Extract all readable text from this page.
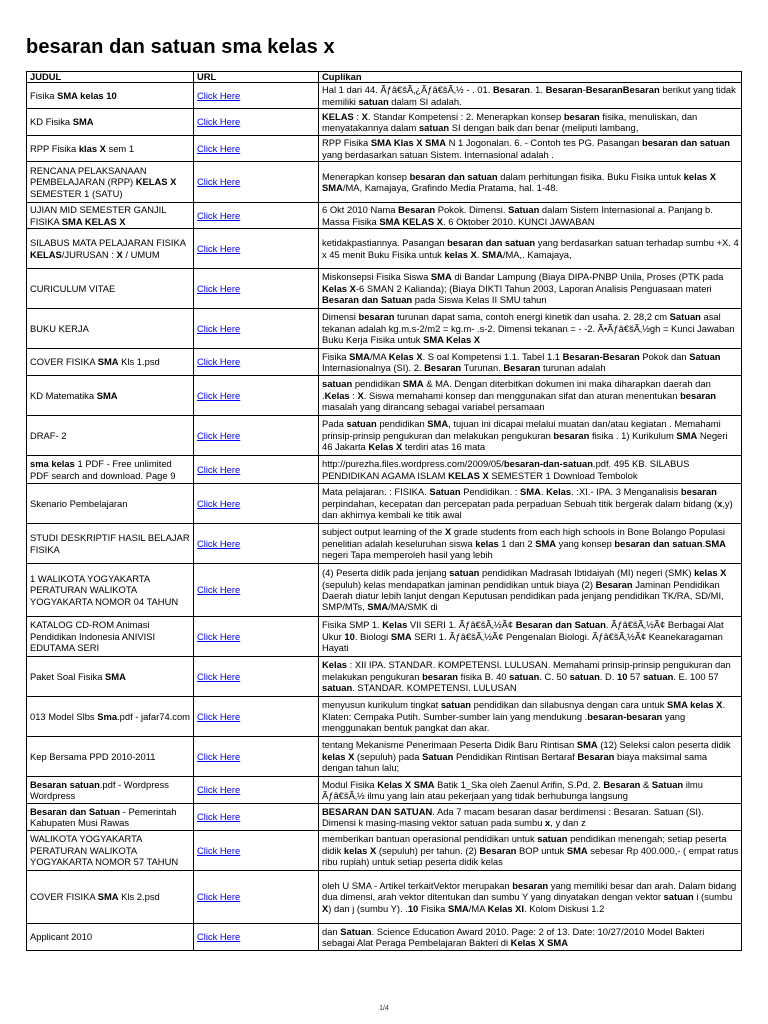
besaran dan satuan sma kelas x
JUDUL	URL	Cuplikan
Fisika SMA kelas 10	Click Here	Hal 1 dari 44. Ãƒâ€šÃ‚¿Ãƒâ€šÃ‚½ - . 01. Besaran. 1. Besaran-BesaranBesaran berikut yang tidak memiliki satuan dalam SI adalah.
KD Fisika SMA	Click Here	KELAS : X. Standar Kompetensi : 2. Menerapkan konsep besaran fisika, menuliskan, dan menyatakannya dalam satuan SI dengan baik dan benar (meliputi lambang,
RPP Fisika klas X sem 1	Click Here	RPP Fisika SMA Klas X SMA N 1 Jogonalan. 6. - Contoh tes PG. Pasangan besaran dan satuan yang berdasarkan satuan Sistem. Internasional adalah .
RENCANA PELAKSANAAN PEMBELAJARAN (RPP) KELAS X SEMESTER 1 (SATU)	Click Here	Menerapkan konsep besaran dan satuan dalam perhitungan fisika. Buku Fisika untuk kelas X SMA/MA, Kamajaya, Grafindo Media Pratama, hal. 1-48.
UJIAN MID SEMESTER GANJIL FISIKA SMA KELAS X	Click Here	6 Okt 2010 Nama Besaran Pokok. Dimensi. Satuan dalam Sistem Internasional a. Panjang b. Massa Fisika SMA KELAS X. 6 Oktober 2010. KUNCI JAWABAN
SILABUS MATA PELAJARAN FISIKA KELAS/JURUSAN : X / UMUM	Click Here	ketidakpastiannya. Pasangan besaran dan satuan yang berdasarkan satuan terhadap sumbu +X. 4 x 45 menit Buku Fisika untuk kelas X. SMA/MA,. Kamajaya,
CURICULUM VITAE	Click Here	Miskonsepsi Fisika Siswa SMA di Bandar Lampung (Biaya DIPA-PNBP Unila, Proses (PTK pada Kelas X-6 SMAN 2 Kalianda); (Biaya DIKTI Tahun 2003, Laporan Analisis Penguasaan materi Besaran dan Satuan pada Siswa Kelas II SMU tahun
BUKU KERJA	Click Here	Dimensi besaran turunan dapat sama, contoh energi kinetik dan usaha. 2. 28,2 cm Satuan asal tekanan adalah kg.m.s-2/m2 = kg.m- .s-2. Dimensi tekanan = - -2. Ã•Ãƒâ€šÃ‚½gh = Kunci Jawaban Buku Kerja Fisika untuk SMA Kelas X
COVER FISIKA SMA Kls 1.psd	Click Here	Fisika SMA/MA Kelas X. S oal Kompetensi 1.1. Tabel 1.1 Besaran-Besaran Pokok dan Satuan Internasionalnya (SI). 2. Besaran Turunan. Besaran turunan adalah
KD Matematika SMA	Click Here	satuan pendidikan SMA & MA. Dengan diterbitkan dokumen ini maka diharapkan daerah dan .Kelas : X. Siswa memahami konsep dan menggunakan sifat dan aturan menentukan besaran masalah yang dirancang sebagai variabel persamaan
DRAF- 2	Click Here	Pada satuan pendidikan SMA, tujuan ini dicapai melalui muatan dan/atau kegiatan . Memahami prinsip-prinsip pengukuran dan melakukan pengukuran besaran fisika . 1) Kurikulum SMA Negeri 46 Jakarta Kelas X terdiri atas 16 mata
sma kelas 1 PDF - Free unlimited PDF search and download. Page 9	Click Here	http://purezha.files.wordpress.com/2009/05/besaran-dan-satuan.pdf. 495 KB. SILABUS PENDIDIKAN AGAMA ISLAM KELAS X SEMESTER 1 Download Tembolok
Skenario Pembelajaran	Click Here	Mata pelajaran. : FISIKA. Satuan Pendidikan. : SMA. Kelas. :XI.- IPA. 3 Menganalisis besaran perpindahan, kecepatan dan percepatan pada perpaduan Sebuah titik bergerak dalam bidang (x,y) dan akhirnya kembali ke titik awal
STUDI DESKRIPTIF HASIL BELAJAR FISIKA	Click Here	subject output learning of the X grade students from each high schools in Bone Bolango Populasi penelitian adalah keseluruhan siswa kelas 1 dan 2 SMA yang konsep besaran dan satuan.SMA negeri Tapa memperoleh hasil yang lebih
1 WALIKOTA YOGYAKARTA PERATURAN WALIKOTA YOGYAKARTA NOMOR 04 TAHUN	Click Here	(4) Peserta didik pada jenjang satuan pendidikan Madrasah Ibtidaiyah (MI) negeri (SMK) kelas X (sepuluh) kelas mendapatkan jaminan pendidikan untuk biaya (2) Besaran Jaminan Pendidikan Daerah diatur lebih lanjut dengan Keputusan pendidikan pada jenjang pendidikan TK/RA, SD/MI, SMP/MTs, SMA/MA/SMK di
KATALOG CD-ROM Animasi Pendidikan Indonesia ANIVISI EDUTAMA SERI	Click Here	Fisika SMP 1. Kelas VII SERI 1. Ãƒâ€šÃ‚½Ã¢ Besaran dan Satuan. Ãƒâ€šÃ‚½Ã¢ Berbagai Alat Ukur 10. Biologi SMA SERI 1. Ãƒâ€šÃ‚½Ã¢ Pengenalan Biologi. Ãƒâ€šÃ‚½Ã¢ Keanekaragaman Hayati
Paket Soal Fisika SMA	Click Here	Kelas : XII IPA. STANDAR. KOMPETENSI. LULUSAN. Memahami prinsip-prinsip pengukuran dan melakukan pengukuran besaran fisika B. 40 satuan. C. 50 satuan. D. 10 57 satuan. E. 100 57 satuan. STANDAR. KOMPETENSI. LULUSAN
013 Model Slbs Sma.pdf - jafar74.com	Click Here	menyusun kurikulum tingkat satuan pendidikan dan silabusnya dengan cara untuk SMA kelas X. Klaten: Cempaka Putih. Sumber-sumber lain yang mendukung .besaran-besaran yang menggunakan bentuk pangkat dan akar.
Kep Bersama PPD 2010-2011	Click Here	tentang Mekanisme Penerimaan Peserta Didik Baru Rintisan SMA (12) Seleksi calon peserta didik kelas X (sepuluh) pada Satuan Pendidikan Rintisan Bertaraf Besaran biaya maksimal sama dengan tahun lalu;
Besaran satuan.pdf - Wordpress Wordpress	Click Here	Modul Fisika Kelas X SMA Batik 1_Ska oleh Zaenul Arifin, S.Pd. 2. Besaran & Satuan ilmu Ãƒâ€šÃ‚½ ilmu yang lain atau pekerjaan yang tidak berhubunga langsung
Besaran dan Satuan - Pemerintah Kabupaten Musi Rawas	Click Here	BESARAN DAN SATUAN. Ada 7 macam besaran dasar berdimensi : Besaran. Satuan (SI). Dimensi k masing-masing vektor satuan pada sumbu x, y dan z
WALIKOTA YOGYAKARTA PERATURAN WALIKOTA YOGYAKARTA NOMOR 57 TAHUN	Click Here	memberikan bantuan operasional pendidikan untuk satuan pendidikan menengah; setiap peserta didik kelas X (sepuluh) per tahun. (2) Besaran BOP untuk SMA sebesar Rp 400.000,- ( empat ratus ribu rupiah) untuk setiap peserta didik kelas
COVER FISIKA SMA Kls 2.psd	Click Here	oleh U SMA - Artikel terkaitVektor merupakan besaran yang memiliki besar dan arah. Dalam bidang dua dimensi, arah vektor ditentukan dan sumbu Y yang dinyatakan dengan vektor satuan i (sumbu X) dan j (sumbu Y). .10 Fisika SMA/MA Kelas XI. Kolom Diskusi 1.2
Applicant 2010	Click Here	dan Satuan. Science Education Award 2010. Page: 2 of 13. Date: 10/27/2010 Model Bakteri sebagai Alat Peraga Pembelajaran Bakteri di Kelas X SMA
1/4
